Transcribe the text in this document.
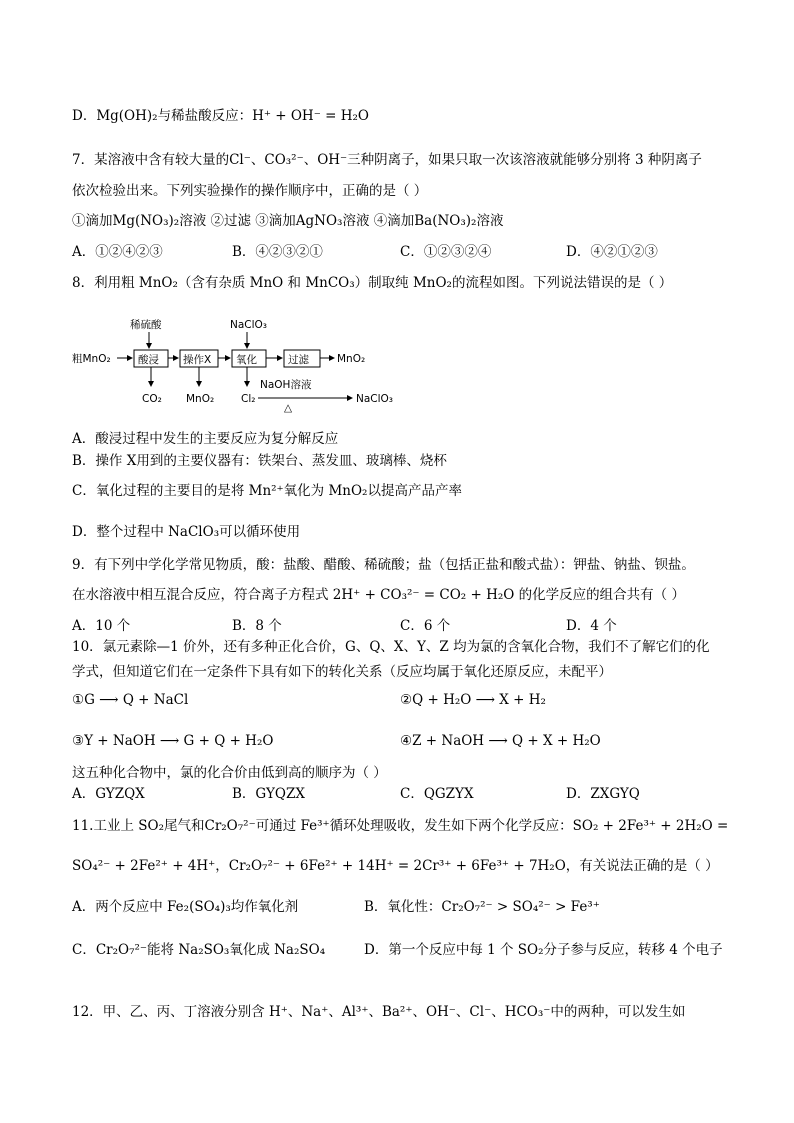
D．Mg(OH)₂与稀盐酸反应：H⁺ + OH⁻ = H₂O
7．某溶液中含有较大量的Cl⁻、CO₃²⁻、OH⁻三种阴离子，如果只取一次该溶液就能够分别将 3 种阴离子
依次检验出来。下列实验操作的操作顺序中，正确的是（ ）
①滴加Mg(NO₃)₂溶液 ②过滤 ③滴加AgNO₃溶液 ④滴加Ba(NO₃)₂溶液
A．①②④②③	B．④②③②①	C．①②③②④	D．④②①②③
8．利用粗 MnO₂（含有杂质 MnO 和 MnCO₃）制取纯 MnO₂的流程如图。下列说法错误的是（ ）
稀硫酸	NaClO₃
粗MnO₂	酸浸 操作X 氧化	过滤	MnO₂
CO₂ MnO₂	Cl₂
NaOH溶液
△
NaClO₃
A．酸浸过程中发生的主要反应为复分解反应
B．操作 X用到的主要仪器有：铁架台、蒸发皿、玻璃棒、烧杯
C．氧化过程的主要目的是将 Mn²⁺氧化为 MnO₂以提高产品产率
D．整个过程中 NaClO₃可以循环使用
9．有下列中学化学常见物质，酸：盐酸、醋酸、稀硫酸；盐（包括正盐和酸式盐）：钾盐、钠盐、钡盐。
在水溶液中相互混合反应，符合离子方程式 2H⁺ + CO₃²⁻ = CO₂ + H₂O 的化学反应的组合共有（ ）
A．10 个	B．8 个	C．6 个	D．4 个
10．氯元素除—1 价外，还有多种正化合价，G、Q、X、Y、Z 均为氯的含氧化合物，我们不了解它们的化
学式，但知道它们在一定条件下具有如下的转化关系（反应均属于氧化还原反应，未配平）
①G ⟶ Q + NaCl	②Q + H₂O ⟶ X + H₂
③Y + NaOH ⟶ G + Q + H₂O	④Z + NaOH ⟶ Q + X + H₂O
这五种化合物中，氯的化合价由低到高的顺序为（ ）
A．GYZQX	B．GYQZX	C．QGZYX	D．ZXGYQ
11.工业上 SO₂尾气和Cr₂O₇²⁻可通过 Fe³⁺循环处理吸收，发生如下两个化学反应：SO₂ + 2Fe³⁺ + 2H₂O =
SO₄²⁻ + 2Fe²⁺ + 4H⁺，Cr₂O₇²⁻ + 6Fe²⁺ + 14H⁺ = 2Cr³⁺ + 6Fe³⁺ + 7H₂O，有关说法正确的是（ ）
A．两个反应中 Fe₂(SO₄)₃均作氧化剂	B．氧化性：Cr₂O₇²⁻ > SO₄²⁻ > Fe³⁺
C．Cr₂O₇²⁻能将 Na₂SO₃氧化成 Na₂SO₄	D．第一个反应中每 1 个 SO₂分子参与反应，转移 4 个电子
12．甲、乙、丙、丁溶液分别含 H⁺、Na⁺、Al³⁺、Ba²⁺、OH⁻、Cl⁻、HCO₃⁻中的两种，可以发生如
